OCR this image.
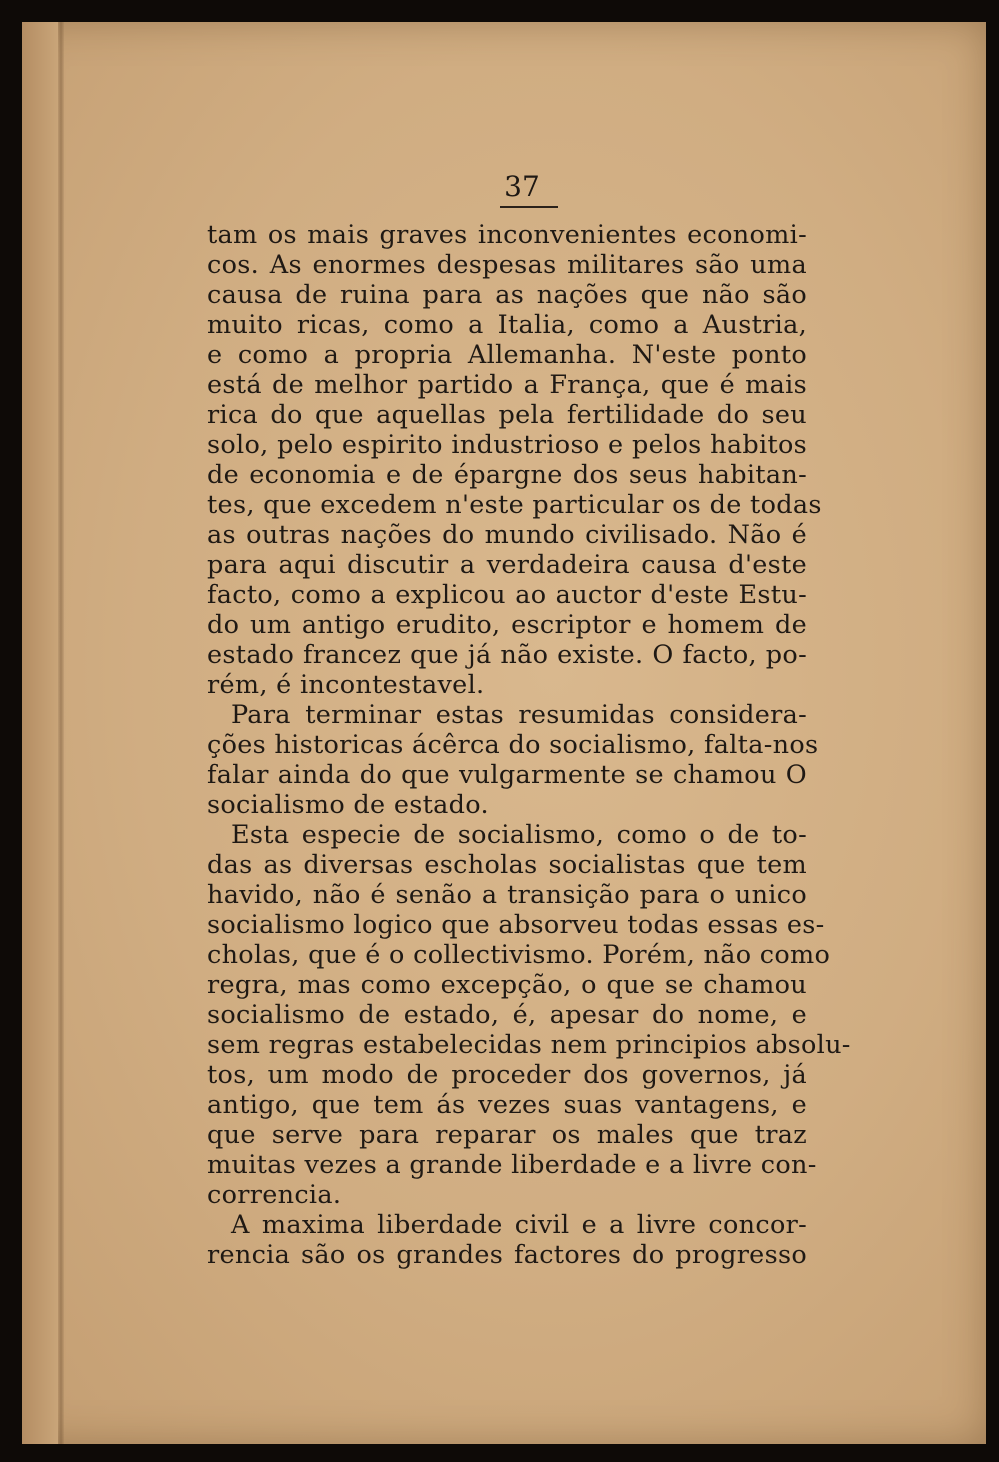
37
tam os mais graves inconvenientes economi-
cos. As enormes despesas militares são uma
causa de ruina para as nações que não são
muito ricas, como a Italia, como a Austria,
e como a propria Allemanha. N'este ponto
está de melhor partido a França, que é mais
rica do que aquellas pela fertilidade do seu
solo, pelo espirito industrioso e pelos habitos
de economia e de épargne dos seus habitan-
tes, que excedem n'este particular os de todas
as outras nações do mundo civilisado. Não é
para aqui discutir a verdadeira causa d'este
facto, como a explicou ao auctor d'este Estu-
do um antigo erudito, escriptor e homem de
estado francez que já não existe. O facto, po-
rém, é incontestavel.
Para terminar estas resumidas considera-
ções historicas ácêrca do socialismo, falta-nos
falar ainda do que vulgarmente se chamou O
socialismo de estado.
Esta especie de socialismo, como o de to-
das as diversas escholas socialistas que tem
havido, não é senão a transição para o unico
socialismo logico que absorveu todas essas es-
cholas, que é o collectivismo. Porém, não como
regra, mas como excepção, o que se chamou
socialismo de estado, é, apesar do nome, e
sem regras estabelecidas nem principios absolu-
tos, um modo de proceder dos governos, já
antigo, que tem ás vezes suas vantagens, e
que serve para reparar os males que traz
muitas vezes a grande liberdade e a livre con-
correncia.
A maxima liberdade civil e a livre concor-
rencia são os grandes factores do progresso
